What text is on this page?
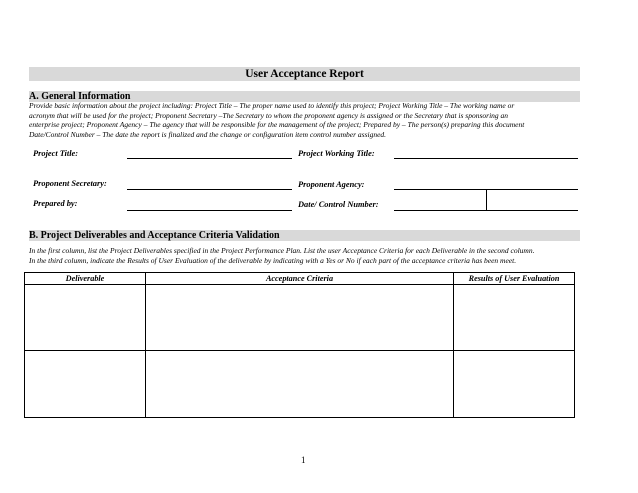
User Acceptance Report
A. General Information
Provide basic information about the project including: Project Title – The proper name used to identify this project; Project Working Title – The working name or
acronym that will be used for the project; Proponent Secretary –The Secretary to whom the proponent agency is assigned or the Secretary that is sponsoring an
enterprise project; Proponent Agency – The agency that will be responsible for the management of the project; Prepared by – The person(s) preparing this document
Date/Control Number – The date the report is finalized and the change or configuration item control number assigned.
Project Title:	Project Working Title:
Proponent Secretary:	Proponent Agency:
Prepared by:	Date/ Control Number:
B. Project Deliverables and Acceptance Criteria Validation
In the first column, list the Project Deliverables specified in the Project Performance Plan. List the user Acceptance Criteria for each Deliverable in the second column.
In the third column, indicate the Results of User Evaluation of the deliverable by indicating with a Yes or No if each part of the acceptance criteria has been meet.
Deliverable	Acceptance Criteria	Results of User Evaluation
1
